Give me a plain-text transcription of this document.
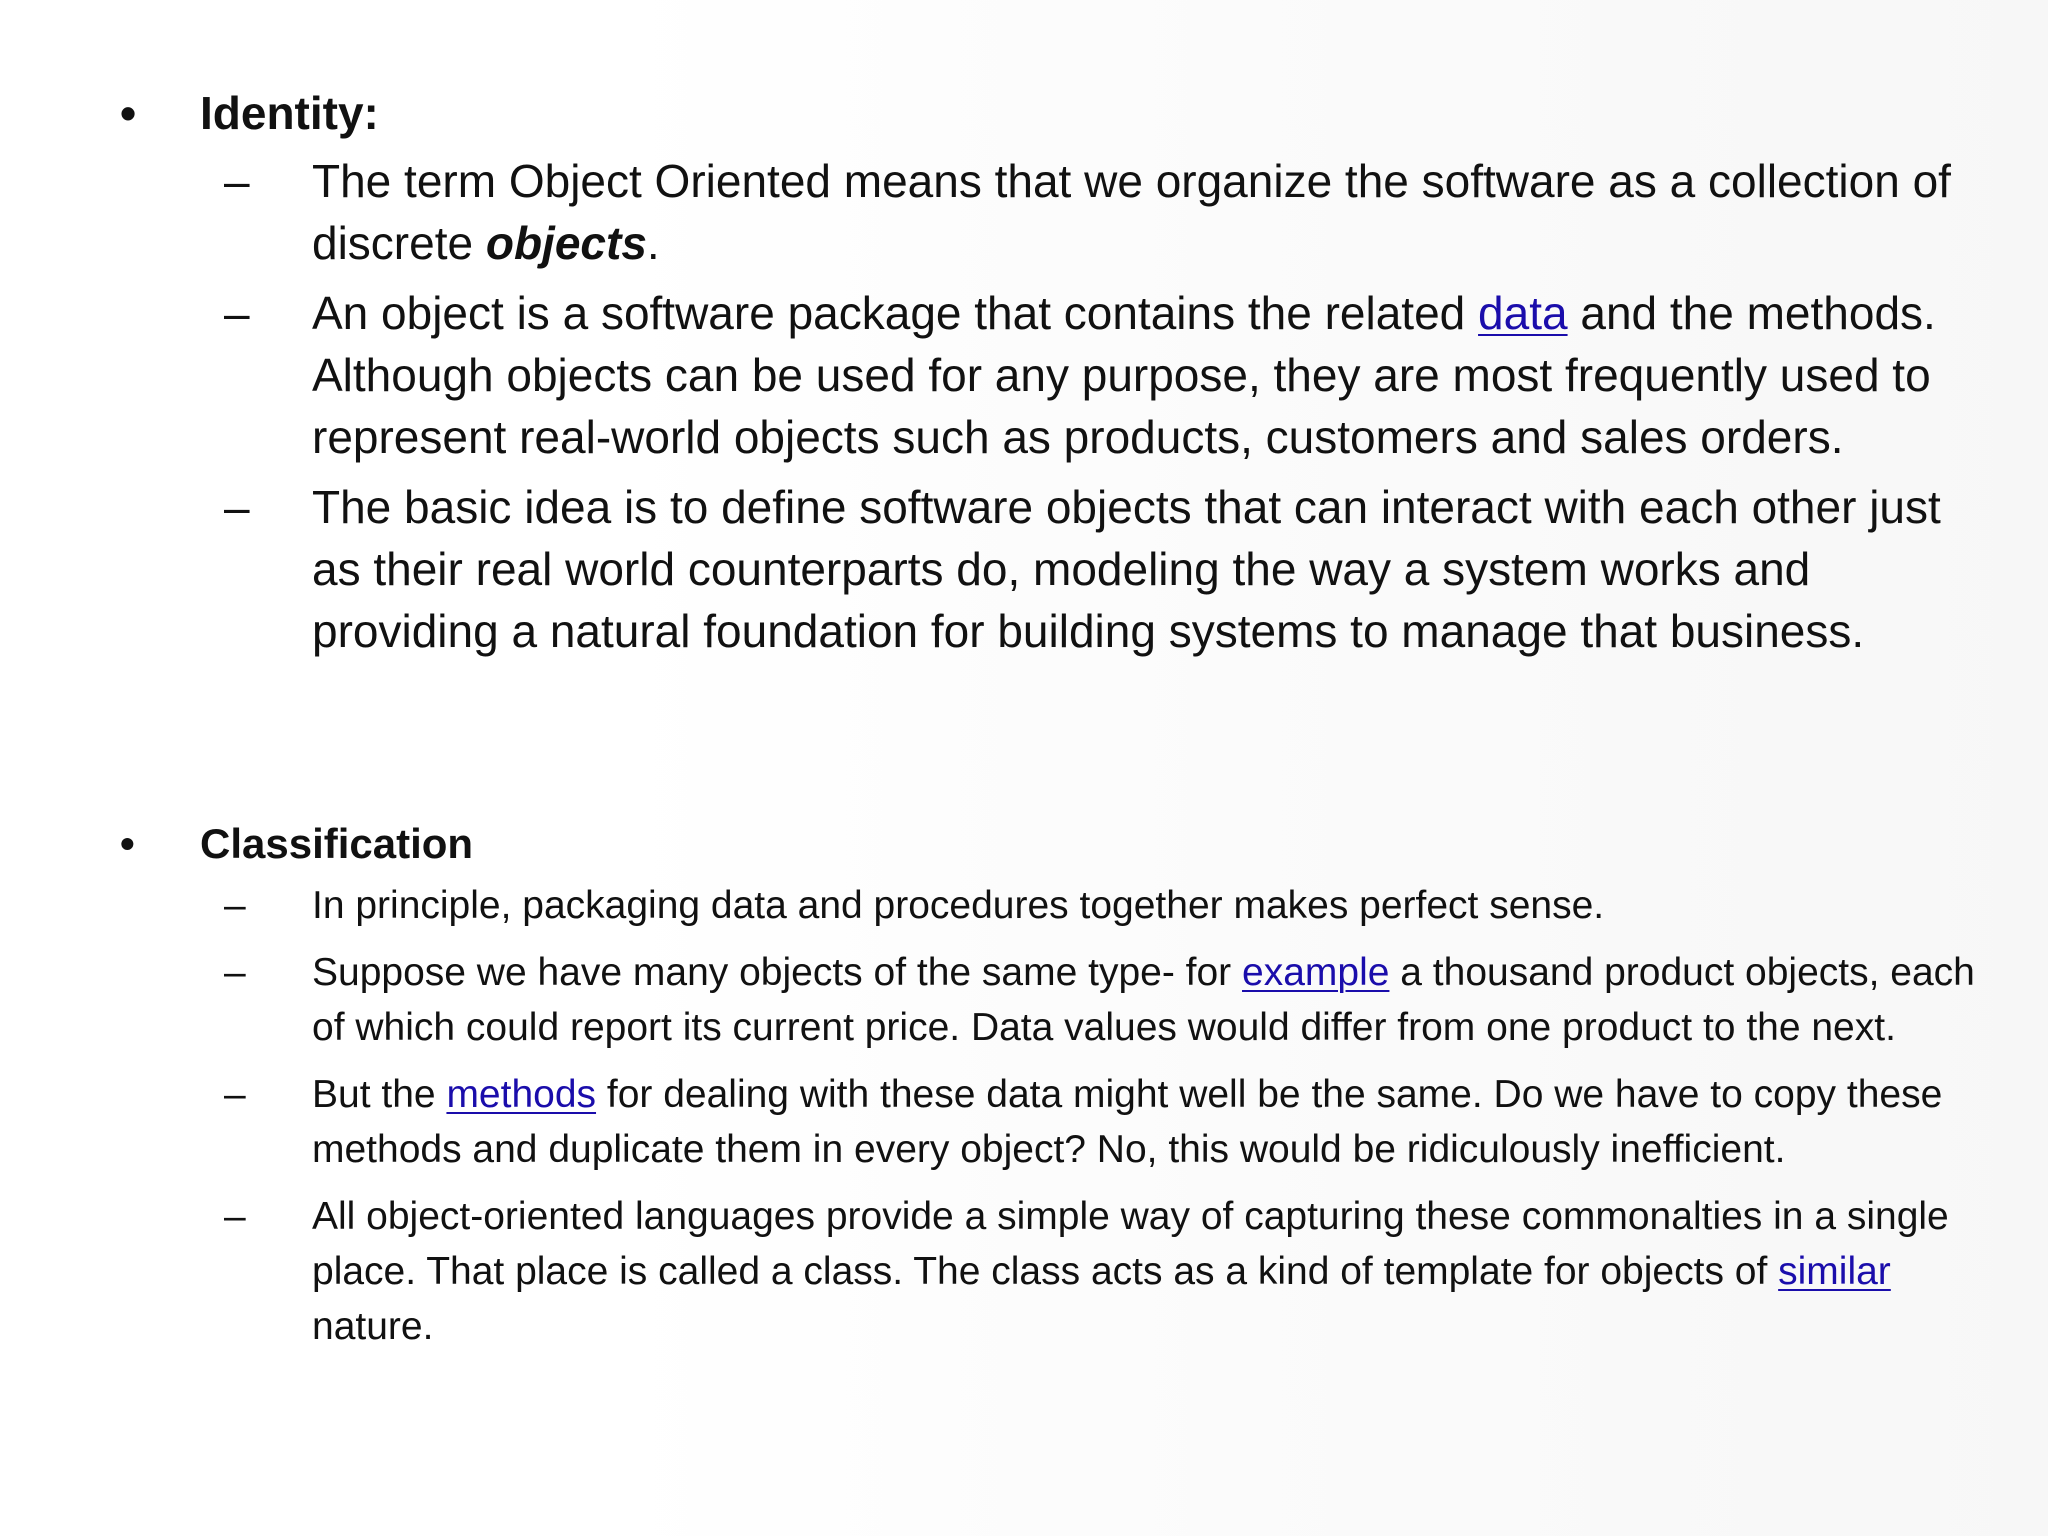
•	Identity:
–	The term Object Oriented means that we organize the software as a collection of discrete objects.
–	An object is a software package that contains the related data and the methods. Although objects can be used for any purpose, they are most frequently used to represent real-world objects such as products, customers and sales orders.
–	The basic idea is to define software objects that can interact with each other just as their real world counterparts do, modeling the way a system works and providing a natural foundation for building systems to manage that business.
•	Classification
–	In principle, packaging data and procedures together makes perfect sense.
–	Suppose we have many objects of the same type- for example a thousand product objects, each of which could report its current price. Data values would differ from one product to the next.
–	But the methods for dealing with these data might well be the same. Do we have to copy these methods and duplicate them in every object? No, this would be ridiculously inefficient.
–	All object-oriented languages provide a simple way of capturing these commonalties in a single place. That place is called a class. The class acts as a kind of template for objects of similar nature.
